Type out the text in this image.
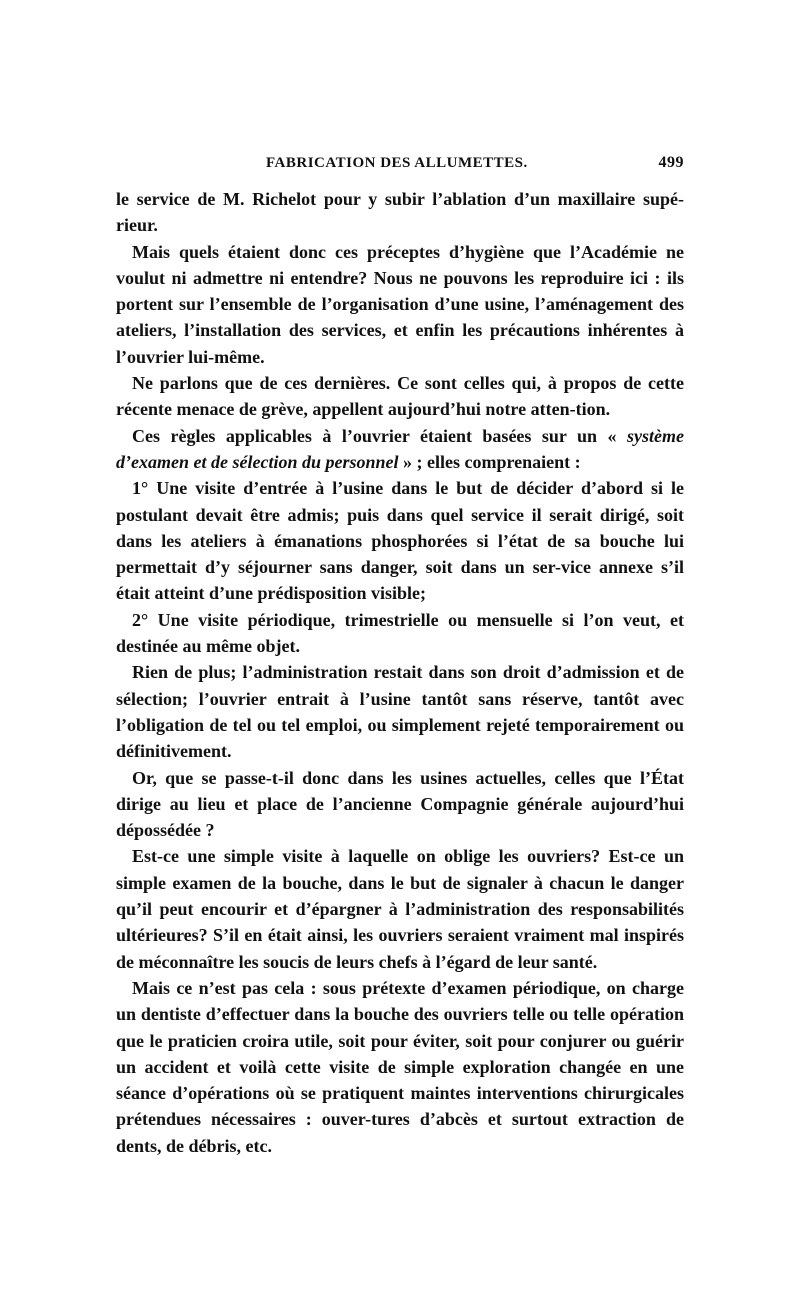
FABRICATION DES ALLUMETTES.	499

le service de M. Richelot pour y subir l’ablation d’un maxillaire supé-rieur.

Mais quels étaient donc ces préceptes d’hygiène que l’Académie ne voulut ni admettre ni entendre? Nous ne pouvons les reproduire ici : ils portent sur l’ensemble de l’organisation d’une usine, l’aménagement des ateliers, l’installation des services, et enfin les précautions inhérentes à l’ouvrier lui-même.

Ne parlons que de ces dernières. Ce sont celles qui, à propos de cette récente menace de grève, appellent aujourd’hui notre atten-tion.

Ces règles applicables à l’ouvrier étaient basées sur un « système d’examen et de sélection du personnel » ; elles comprenaient :

1° Une visite d’entrée à l’usine dans le but de décider d’abord si le postulant devait être admis; puis dans quel service il serait dirigé, soit dans les ateliers à émanations phosphorées si l’état de sa bouche lui permettait d’y séjourner sans danger, soit dans un ser-vice annexe s’il était atteint d’une prédisposition visible;

2° Une visite périodique, trimestrielle ou mensuelle si l’on veut, et destinée au même objet.

Rien de plus; l’administration restait dans son droit d’admission et de sélection; l’ouvrier entrait à l’usine tantôt sans réserve, tantôt avec l’obligation de tel ou tel emploi, ou simplement rejeté temporairement ou définitivement.

Or, que se passe-t-il donc dans les usines actuelles, celles que l’État dirige au lieu et place de l’ancienne Compagnie générale aujourd’hui dépossédée ?

Est-ce une simple visite à laquelle on oblige les ouvriers? Est-ce un simple examen de la bouche, dans le but de signaler à chacun le danger qu’il peut encourir et d’épargner à l’administration des responsabilités ultérieures? S’il en était ainsi, les ouvriers seraient vraiment mal inspirés de méconnaître les soucis de leurs chefs à l’égard de leur santé.

Mais ce n’est pas cela : sous prétexte d’examen périodique, on charge un dentiste d’effectuer dans la bouche des ouvriers telle ou telle opération que le praticien croira utile, soit pour éviter, soit pour conjurer ou guérir un accident et voilà cette visite de simple exploration changée en une séance d’opérations où se pratiquent maintes interventions chirurgicales prétendues nécessaires : ouver-tures d’abcès et surtout extraction de dents, de débris, etc.
